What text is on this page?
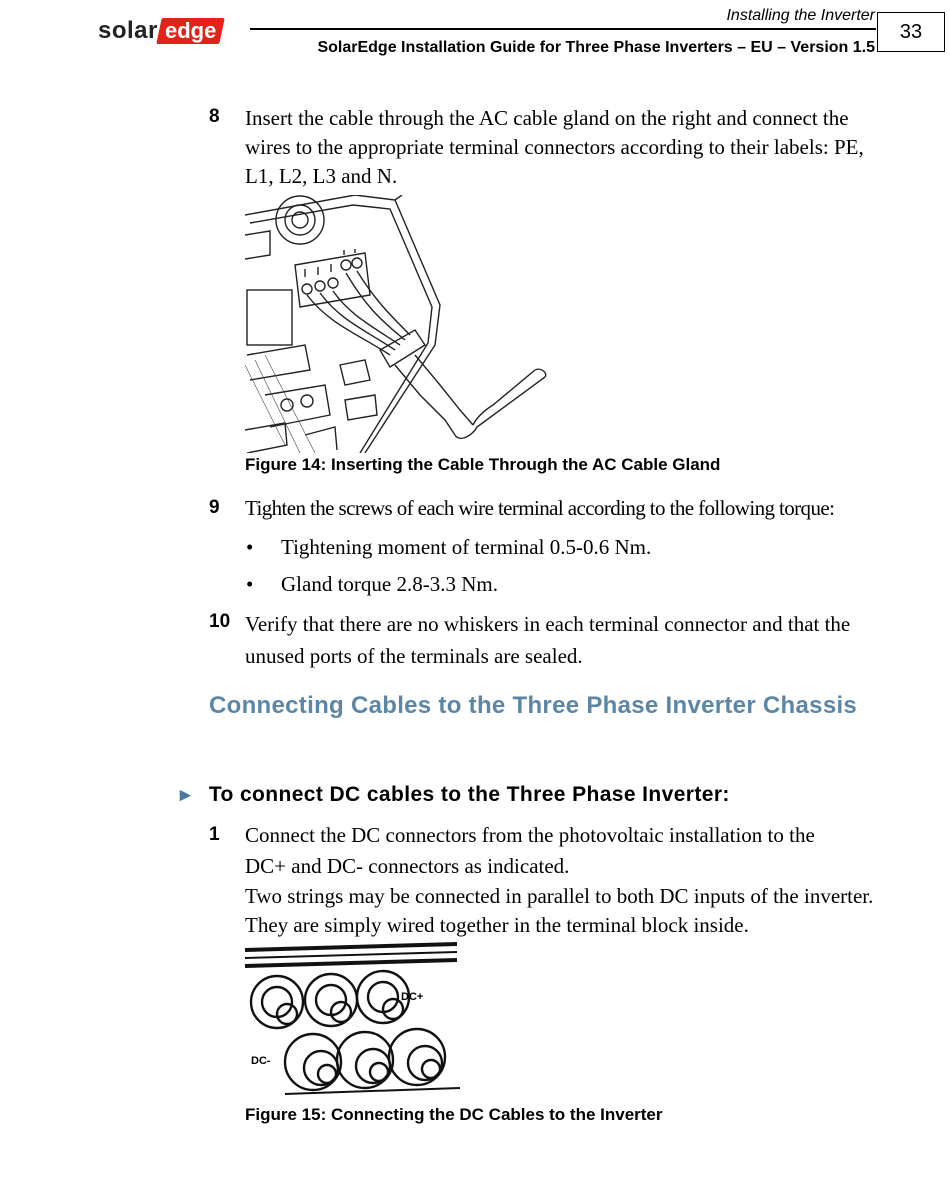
solar edge
Installing the Inverter
SolarEdge Installation Guide for Three Phase Inverters – EU – Version 1.5
33
8 Insert the cable through the AC cable gland on the right and connect the wires to the appropriate terminal connectors according to their labels: PE, L1, L2, L3 and N.
Figure 14: Inserting the Cable Through the AC Cable Gland
9 Tighten the screws of each wire terminal according to the following torque:
• Tightening moment of terminal 0.5-0.6 Nm.
• Gland torque 2.8-3.3 Nm.
10 Verify that there are no whiskers in each terminal connector and that the unused ports of the terminals are sealed.
Connecting Cables to the Three Phase Inverter Chassis
► To connect DC cables to the Three Phase Inverter:
1 Connect the DC connectors from the photovoltaic installation to the DC+ and DC- connectors as indicated.
Two strings may be connected in parallel to both DC inputs of the inverter. They are simply wired together in the terminal block inside.
DC+
DC-
Figure 15: Connecting the DC Cables to the Inverter
